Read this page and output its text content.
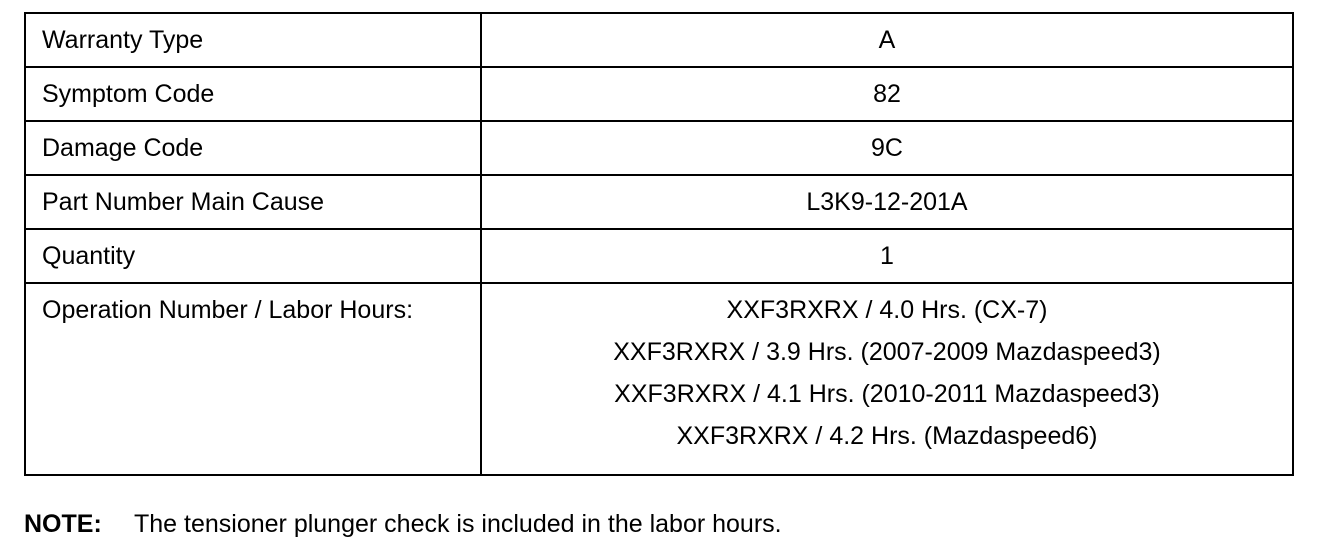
Warranty Type	A
Symptom Code	82
Damage Code	9C
Part Number Main Cause	L3K9-12-201A
Quantity	1
Operation Number / Labor Hours:	XXF3RXRX / 4.0 Hrs. (CX-7)
XXF3RXRX / 3.9 Hrs. (2007-2009 Mazdaspeed3)
XXF3RXRX / 4.1 Hrs. (2010-2011 Mazdaspeed3)
XXF3RXRX / 4.2 Hrs. (Mazdaspeed6)
NOTE: The tensioner plunger check is included in the labor hours.
